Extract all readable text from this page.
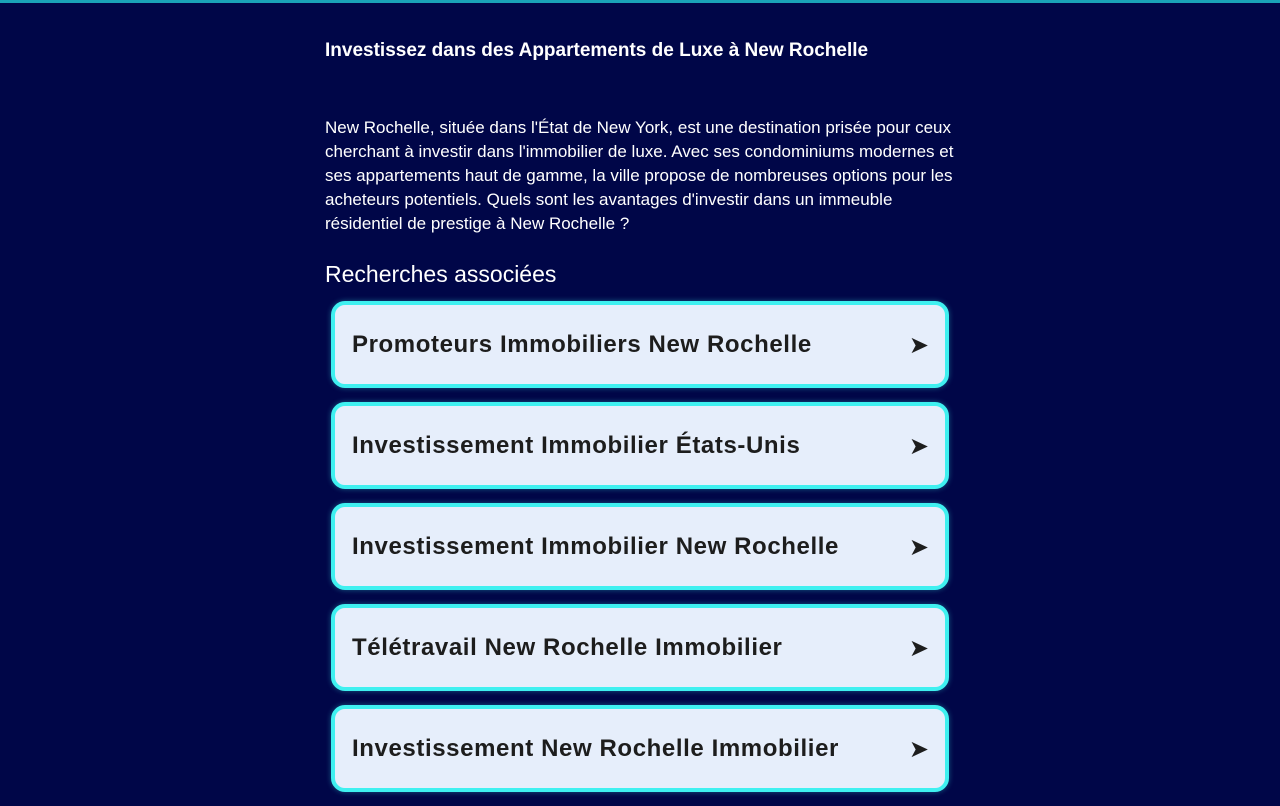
Investissez dans des Appartements de Luxe à New Rochelle

New Rochelle, située dans l'État de New York, est une destination prisée pour ceux cherchant à investir dans l'immobilier de luxe. Avec ses condominiums modernes et ses appartements haut de gamme, la ville propose de nombreuses options pour les acheteurs potentiels. Quels sont les avantages d'investir dans un immeuble résidentiel de prestige à New Rochelle ?

Recherches associées
Promoteurs Immobiliers New Rochelle	➤
Investissement Immobilier États-Unis	➤
Investissement Immobilier New Rochelle	➤
Télétravail New Rochelle Immobilier	➤
Investissement New Rochelle Immobilier	➤
